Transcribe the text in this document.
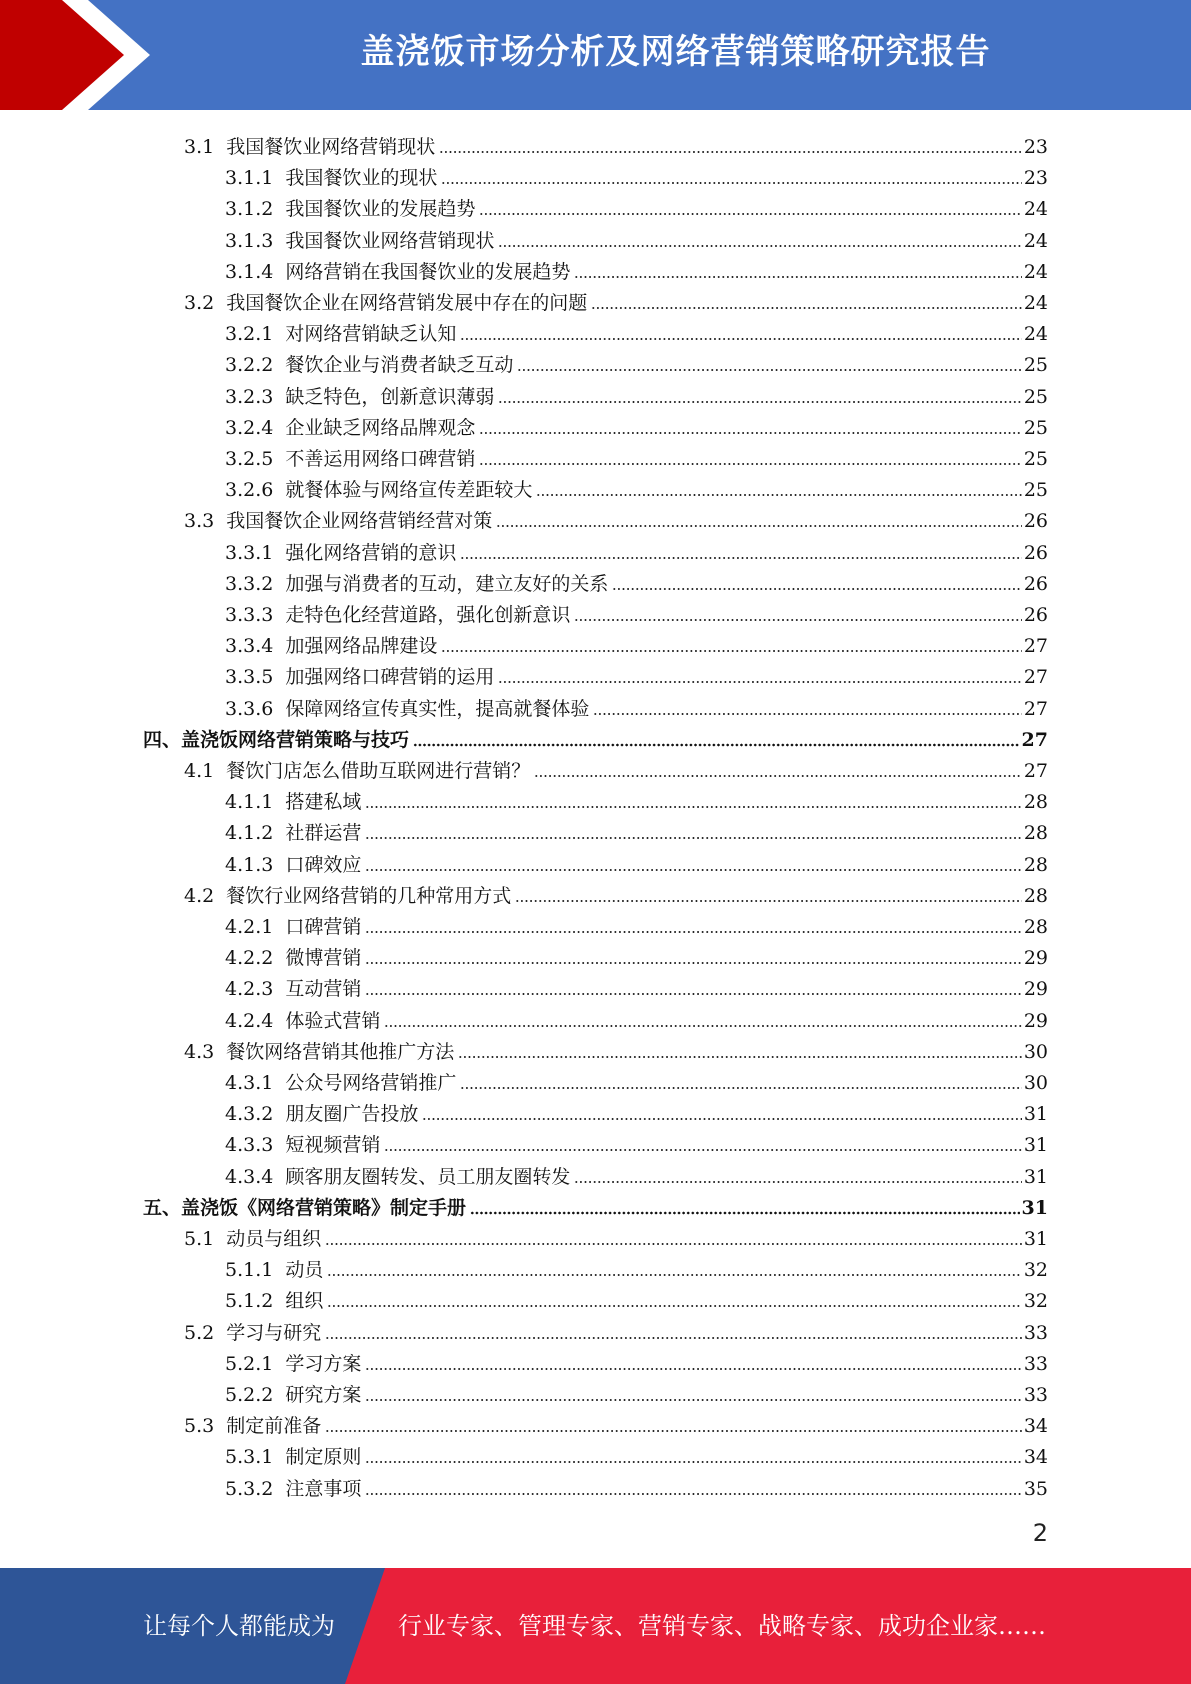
盖浇饭市场分析及网络营销策略研究报告
3.1 我国餐饮业网络营销现状	23
3.1.1 我国餐饮业的现状	23
3.1.2 我国餐饮业的发展趋势	24
3.1.3 我国餐饮业网络营销现状	24
3.1.4 网络营销在我国餐饮业的发展趋势	24
3.2 我国餐饮企业在网络营销发展中存在的问题	24
3.2.1 对网络营销缺乏认知	24
3.2.2 餐饮企业与消费者缺乏互动	25
3.2.3 缺乏特色，创新意识薄弱	25
3.2.4 企业缺乏网络品牌观念	25
3.2.5 不善运用网络口碑营销	25
3.2.6 就餐体验与网络宣传差距较大	25
3.3 我国餐饮企业网络营销经营对策	26
3.3.1 强化网络营销的意识	26
3.3.2 加强与消费者的互动，建立友好的关系	26
3.3.3 走特色化经营道路，强化创新意识	26
3.3.4 加强网络品牌建设	27
3.3.5 加强网络口碑营销的运用	27
3.3.6 保障网络宣传真实性，提高就餐体验	27
四、盖浇饭网络营销策略与技巧	27
4.1 餐饮门店怎么借助互联网进行营销？	27
4.1.1 搭建私域	28
4.1.2 社群运营	28
4.1.3 口碑效应	28
4.2 餐饮行业网络营销的几种常用方式	28
4.2.1 口碑营销	28
4.2.2 微博营销	29
4.2.3 互动营销	29
4.2.4 体验式营销	29
4.3 餐饮网络营销其他推广方法	30
4.3.1 公众号网络营销推广	30
4.3.2 朋友圈广告投放	31
4.3.3 短视频营销	31
4.3.4 顾客朋友圈转发、员工朋友圈转发	31
五、盖浇饭《网络营销策略》制定手册	31
5.1 动员与组织	31
5.1.1 动员	32
5.1.2 组织	32
5.2 学习与研究	33
5.2.1 学习方案	33
5.2.2 研究方案	33
5.3 制定前准备	34
5.3.1 制定原则	34
5.3.2 注意事项	35
2
让每个人都能成为	行业专家、管理专家、营销专家、战略专家、成功企业家……
